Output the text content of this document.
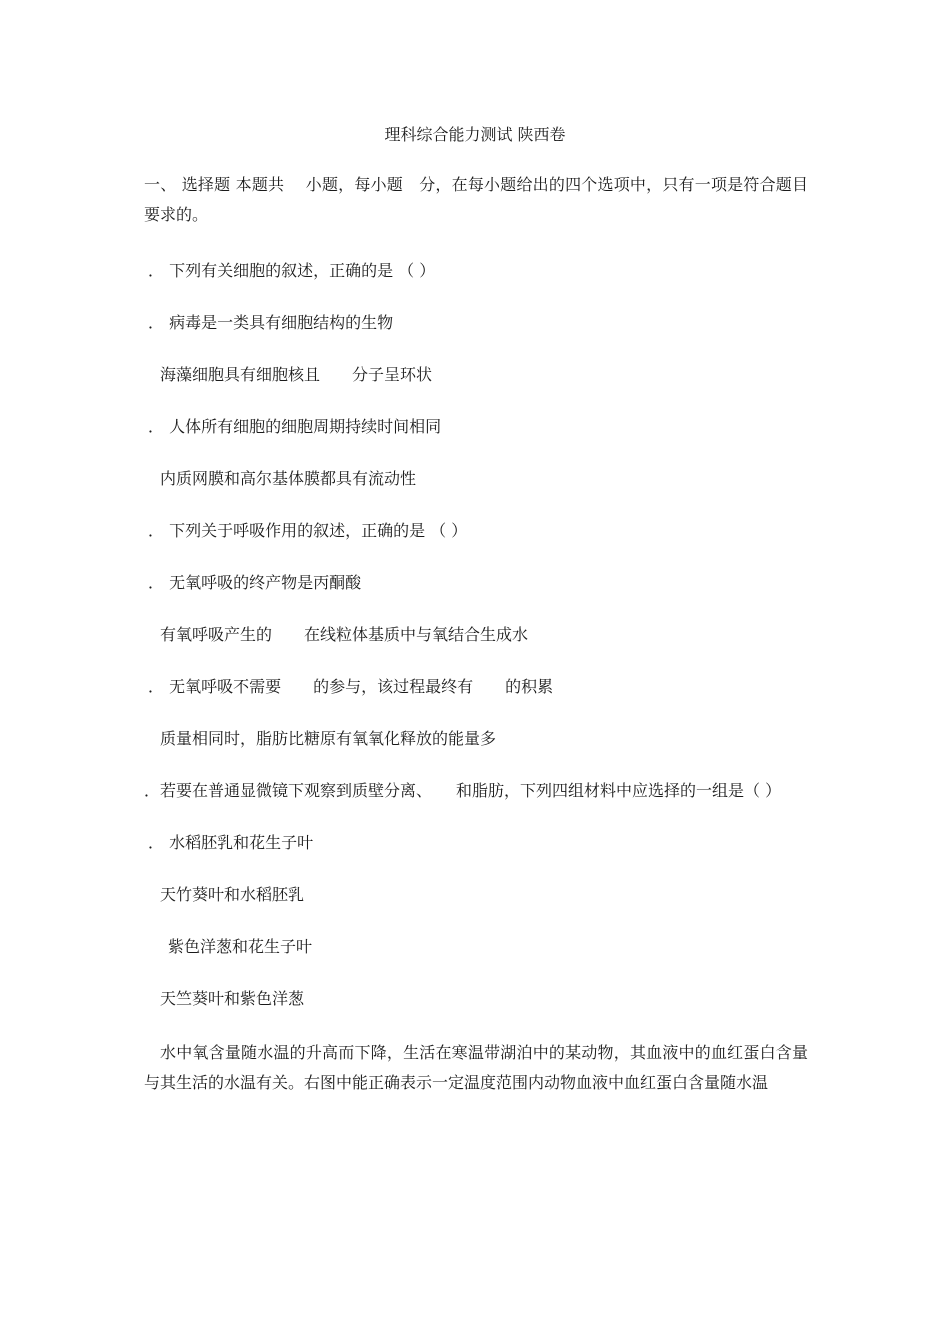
理科综合能力测试 陕西卷
一、 选择题 本题共　 小题，每小题　分，在每小题给出的四个选项中，只有一项是符合题目要求的。
． 下列有关细胞的叙述，正确的是 （ ）
． 病毒是一类具有细胞结构的生物
海藻细胞具有细胞核且　　分子呈环状
． 人体所有细胞的细胞周期持续时间相同
内质网膜和高尔基体膜都具有流动性
． 下列关于呼吸作用的叙述，正确的是 （ ）
． 无氧呼吸的终产物是丙酮酸
有氧呼吸产生的　　在线粒体基质中与氧结合生成水
． 无氧呼吸不需要　　的参与，该过程最终有　　的积累
质量相同时，脂肪比糖原有氧氧化释放的能量多
．若要在普通显微镜下观察到质壁分离、　　和脂肪，下列四组材料中应选择的一组是（ ）
． 水稻胚乳和花生子叶
天竹葵叶和水稻胚乳
紫色洋葱和花生子叶
天竺葵叶和紫色洋葱
水中氧含量随水温的升高而下降，生活在寒温带湖泊中的某动物，其血液中的血红蛋白含量与其生活的水温有关。右图中能正确表示一定温度范围内动物血液中血红蛋白含量随水温
